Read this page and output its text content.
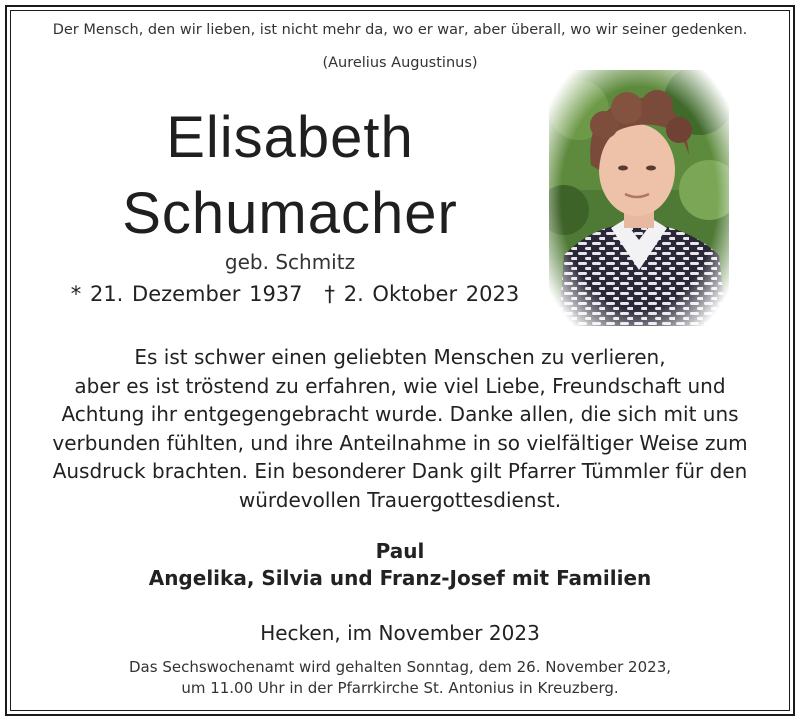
Der Mensch, den wir lieben, ist nicht mehr da, wo er war, aber überall, wo wir seiner gedenken.
(Aurelius Augustinus)
Elisabeth
Schumacher
geb. Schmitz
* 21. Dezember 1937 † 2. Oktober 2023
Es ist schwer einen geliebten Menschen zu verlieren,
aber es ist tröstend zu erfahren, wie viel Liebe, Freundschaft und
Achtung ihr entgegengebracht wurde. Danke allen, die sich mit uns
verbunden fühlten, und ihre Anteilnahme in so vielfältiger Weise zum
Ausdruck brachten. Ein besonderer Dank gilt Pfarrer Tümmler für den
würdevollen Trauergottesdienst.
Paul
Angelika, Silvia und Franz-Josef mit Familien
Hecken, im November 2023
Das Sechswochenamt wird gehalten Sonntag, dem 26. November 2023,
um 11.00 Uhr in der Pfarrkirche St. Antonius in Kreuzberg.
